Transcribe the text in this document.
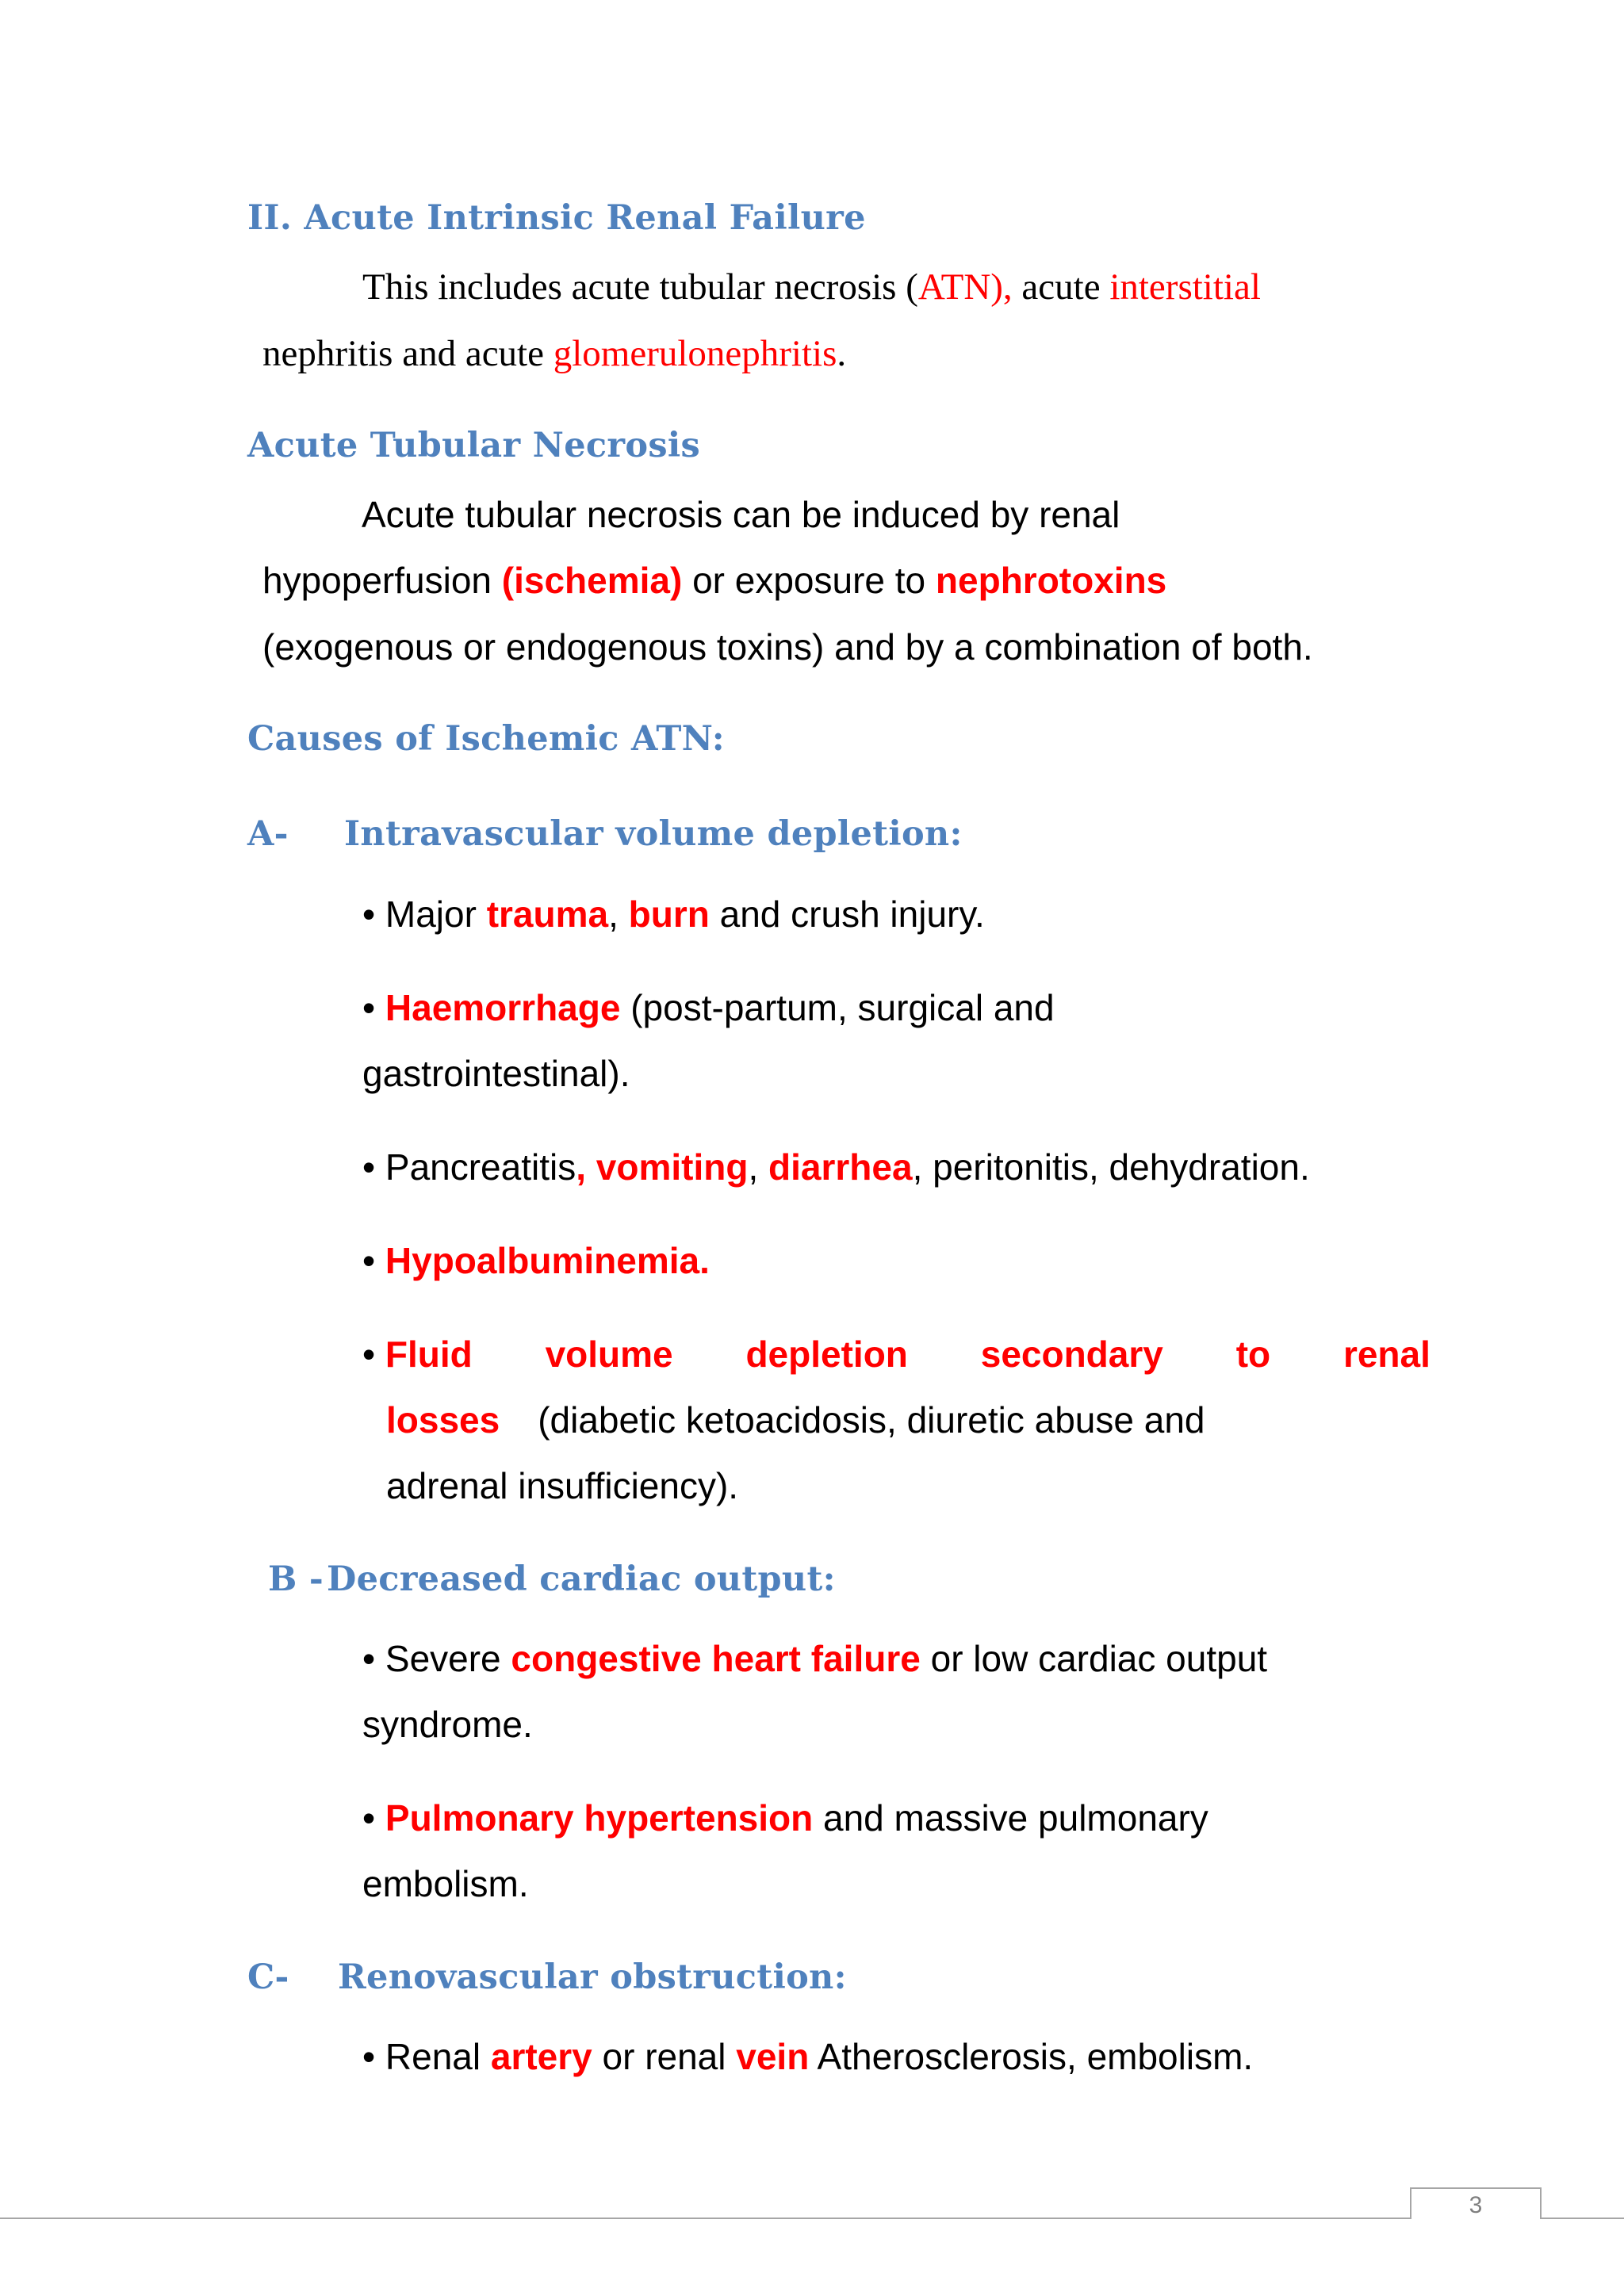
II. Acute Intrinsic Renal Failure
This includes acute tubular necrosis (ATN), acute interstitial
nephritis and acute glomerulonephritis.
Acute Tubular Necrosis
Acute tubular necrosis can be induced by renal
hypoperfusion (ischemia) or exposure to nephrotoxins
(exogenous or endogenous toxins) and by a combination of both.
Causes of Ischemic ATN:
A- Intravascular volume depletion:
• Major trauma, burn and crush injury.
• Haemorrhage (post-partum, surgical and
gastrointestinal).
• Pancreatitis, vomiting, diarrhea, peritonitis, dehydration.
• Hypoalbuminemia.
•
Fluid volume depletion secondary to renal
losses (diabetic ketoacidosis, diuretic abuse and
adrenal insufficiency).
B - Decreased cardiac output:
• Severe congestive heart failure or low cardiac output
syndrome.
• Pulmonary hypertension and massive pulmonary
embolism.
C- Renovascular obstruction:
• Renal artery or renal vein Atherosclerosis, embolism.
3
